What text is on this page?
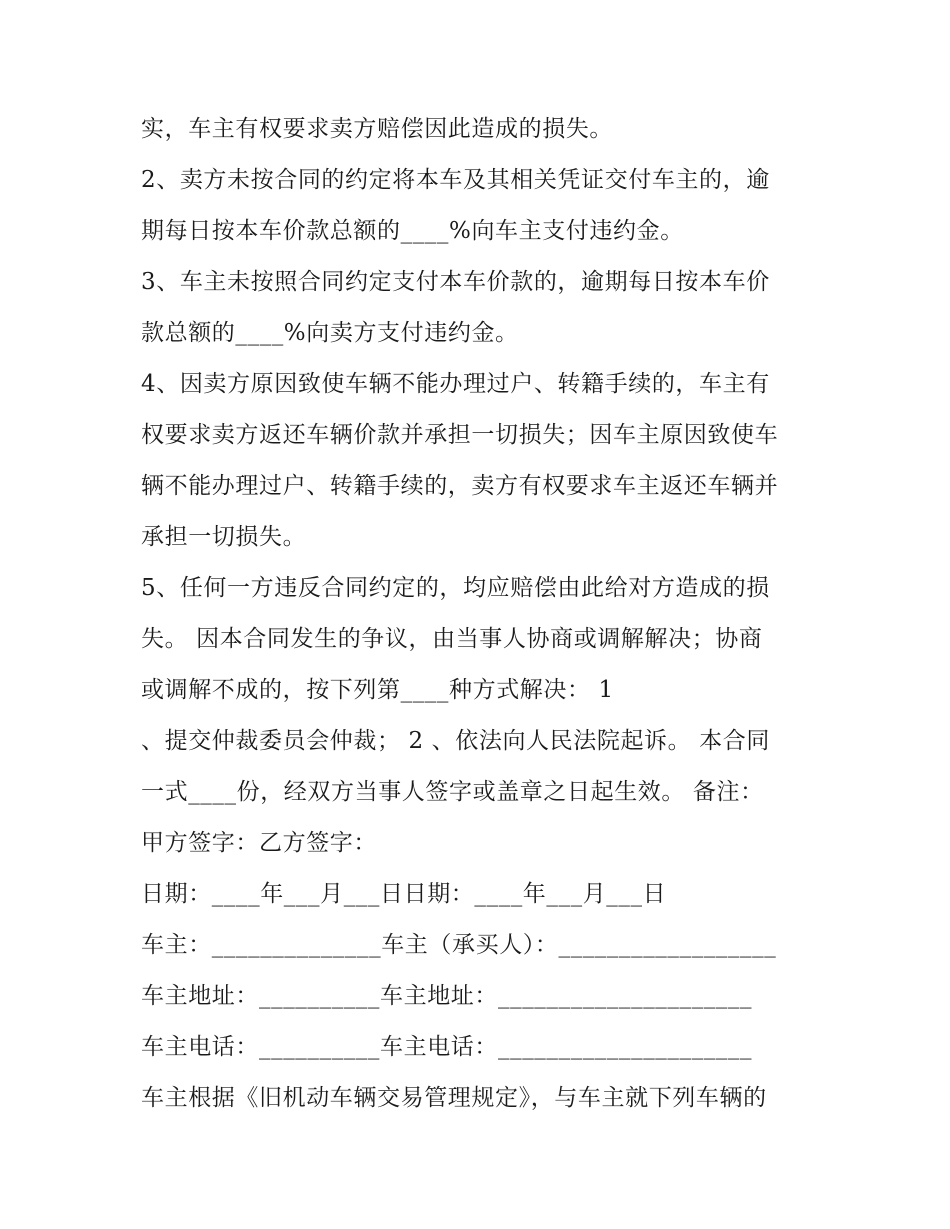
实，车主有权要求卖方赔偿因此造成的损失。
2、卖方未按合同的约定将本车及其相关凭证交付车主的，逾
期每日按本车价款总额的____%向车主支付违约金。
3、车主未按照合同约定支付本车价款的，逾期每日按本车价
款总额的____%向卖方支付违约金。
4、因卖方原因致使车辆不能办理过户、转籍手续的，车主有
权要求卖方返还车辆价款并承担一切损失；因车主原因致使车
辆不能办理过户、转籍手续的，卖方有权要求车主返还车辆并
承担一切损失。
5、任何一方违反合同约定的，均应赔偿由此给对方造成的损
失。 因本合同发生的争议，由当事人协商或调解解决；协商
或调解不成的，按下列第____种方式解决： 1
、提交仲裁委员会仲裁； 2 、依法向人民法院起诉。 本合同
一式____份，经双方当事人签字或盖章之日起生效。 备注：
甲方签字：乙方签字：
日期：____年___月___日日期：____年___月___日
车主：______________车主（承买人）：__________________
车主地址：__________车主地址：_____________________
车主电话：__________车主电话：_____________________
车主根据《旧机动车辆交易管理规定》，与车主就下列车辆的
